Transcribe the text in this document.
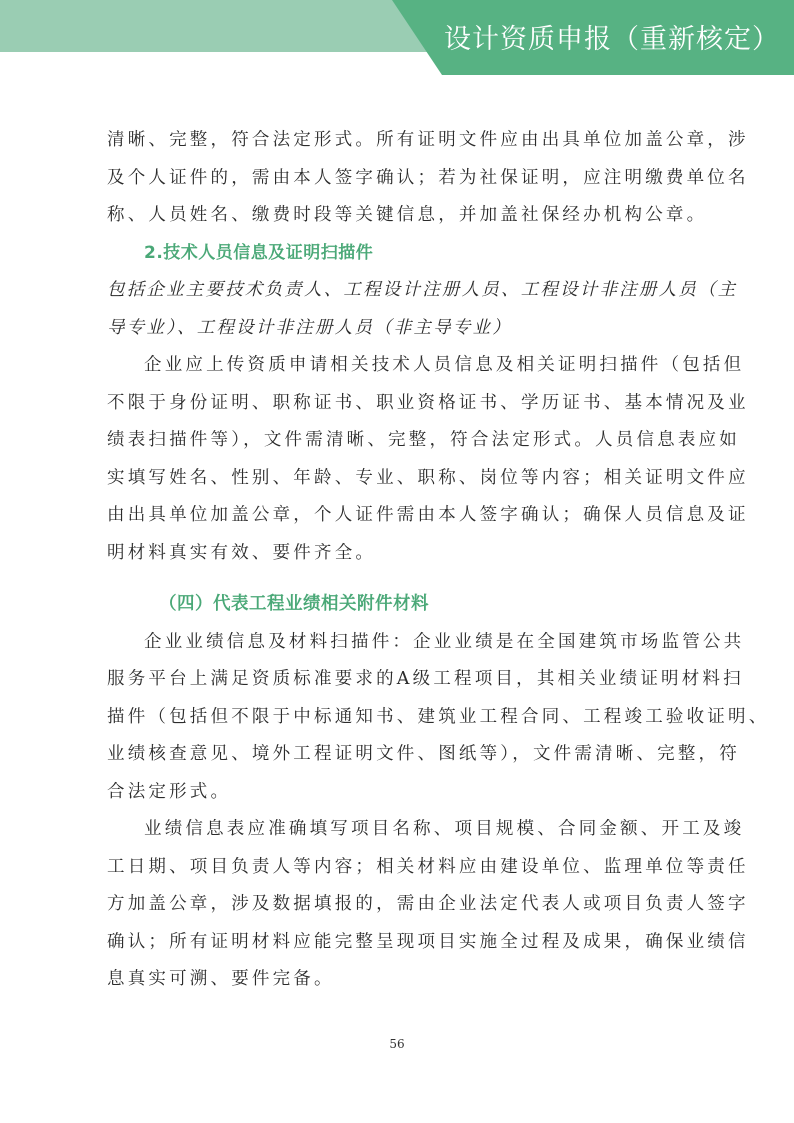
设计资质申报（重新核定）
清晰、完整，符合法定形式。所有证明文件应由出具单位加盖公章，涉
及个人证件的，需由本人签字确认；若为社保证明，应注明缴费单位名
称、人员姓名、缴费时段等关键信息，并加盖社保经办机构公章。
2.技术人员信息及证明扫描件
包括企业主要技术负责人、工程设计注册人员、工程设计非注册人员（主
导专业）、工程设计非注册人员（非主导专业）
企业应上传资质申请相关技术人员信息及相关证明扫描件（包括但
不限于身份证明、职称证书、职业资格证书、学历证书、基本情况及业
绩表扫描件等），文件需清晰、完整，符合法定形式。人员信息表应如
实填写姓名、性别、年龄、专业、职称、岗位等内容；相关证明文件应
由出具单位加盖公章，个人证件需由本人签字确认；确保人员信息及证
明材料真实有效、要件齐全。
（四）代表工程业绩相关附件材料
企业业绩信息及材料扫描件：企业业绩是在全国建筑市场监管公共
服务平台上满足资质标准要求的A级工程项目，其相关业绩证明材料扫
描件（包括但不限于中标通知书、建筑业工程合同、工程竣工验收证明、
业绩核查意见、境外工程证明文件、图纸等），文件需清晰、完整，符
合法定形式。
业绩信息表应准确填写项目名称、项目规模、合同金额、开工及竣
工日期、项目负责人等内容；相关材料应由建设单位、监理单位等责任
方加盖公章，涉及数据填报的，需由企业法定代表人或项目负责人签字
确认；所有证明材料应能完整呈现项目实施全过程及成果，确保业绩信
息真实可溯、要件完备。
56
